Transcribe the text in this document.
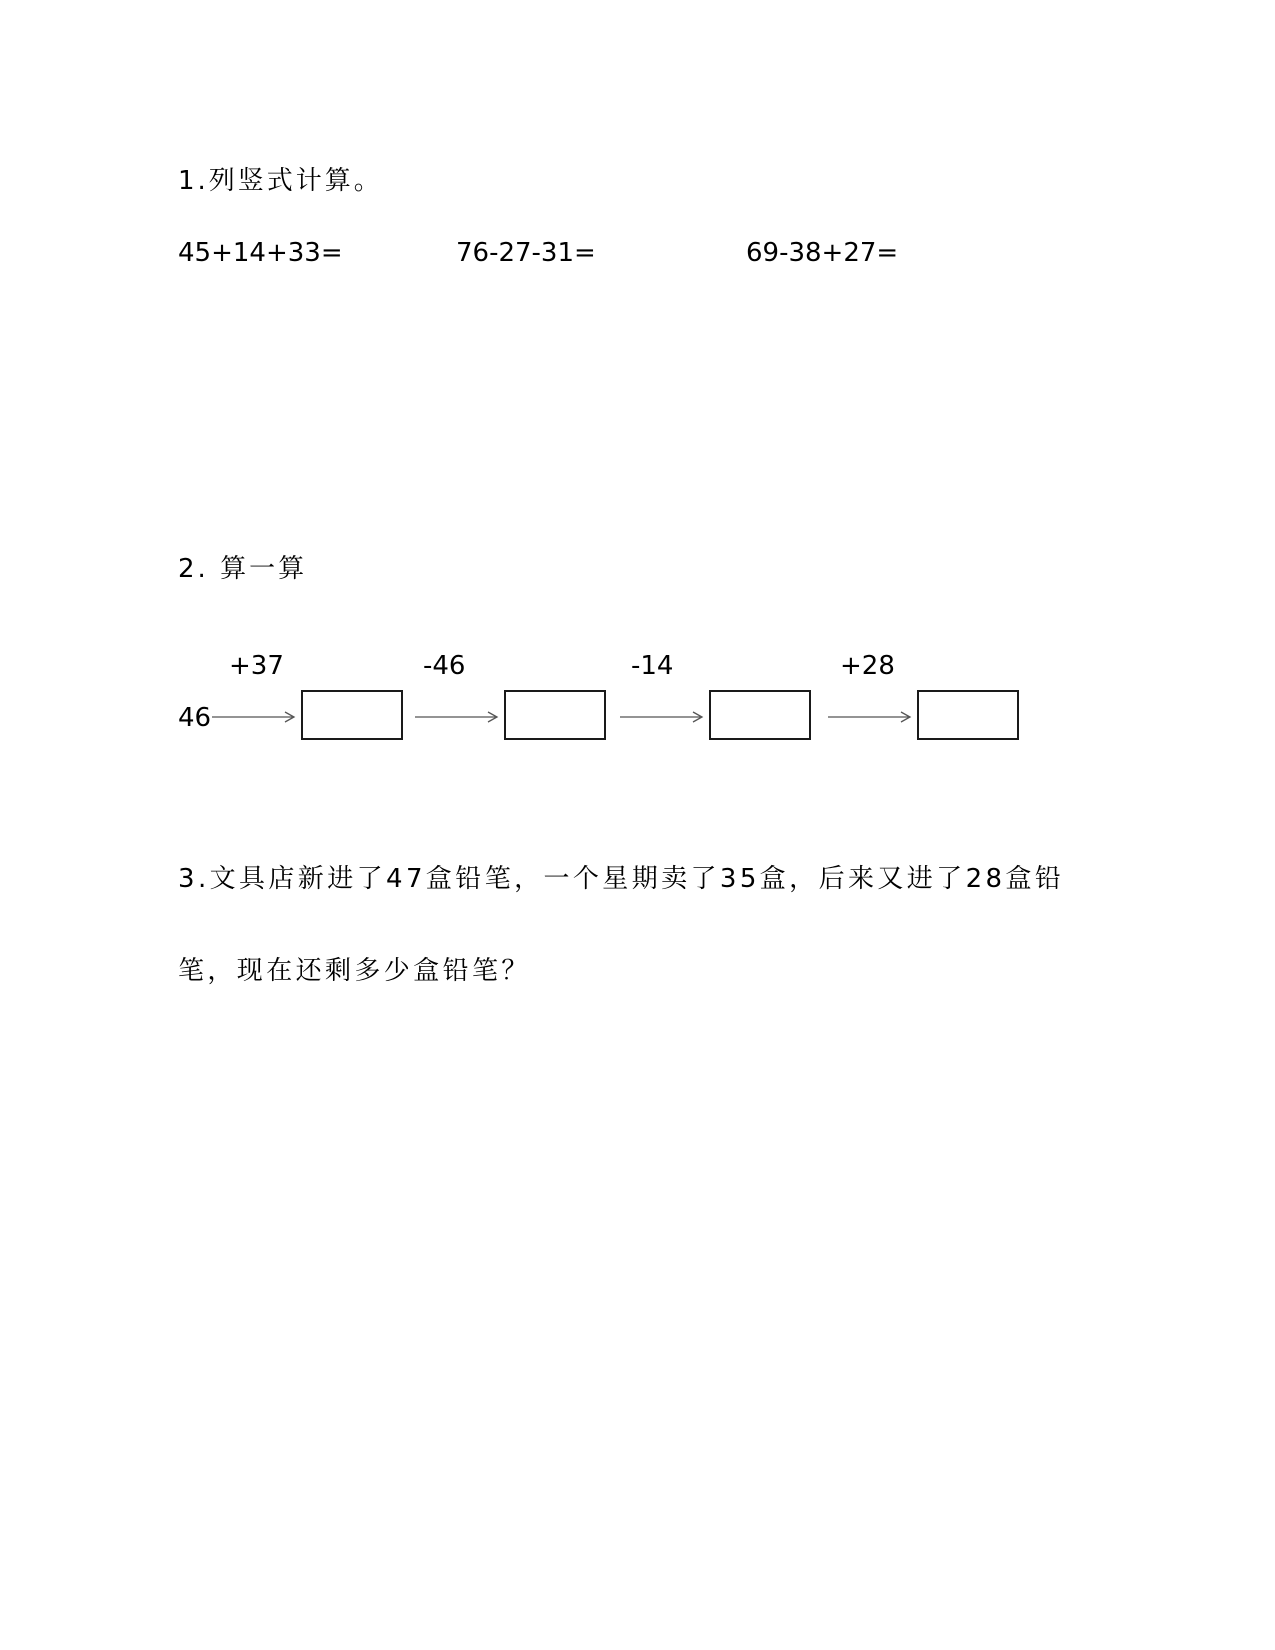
1.列竖式计算。
45+14+33=	76-27-31=	69-38+27=
2. 算一算
+37	-46	-14	+28
46
3.文具店新进了47盒铅笔，一个星期卖了35盒，后来又进了28盒铅
笔，现在还剩多少盒铅笔？
